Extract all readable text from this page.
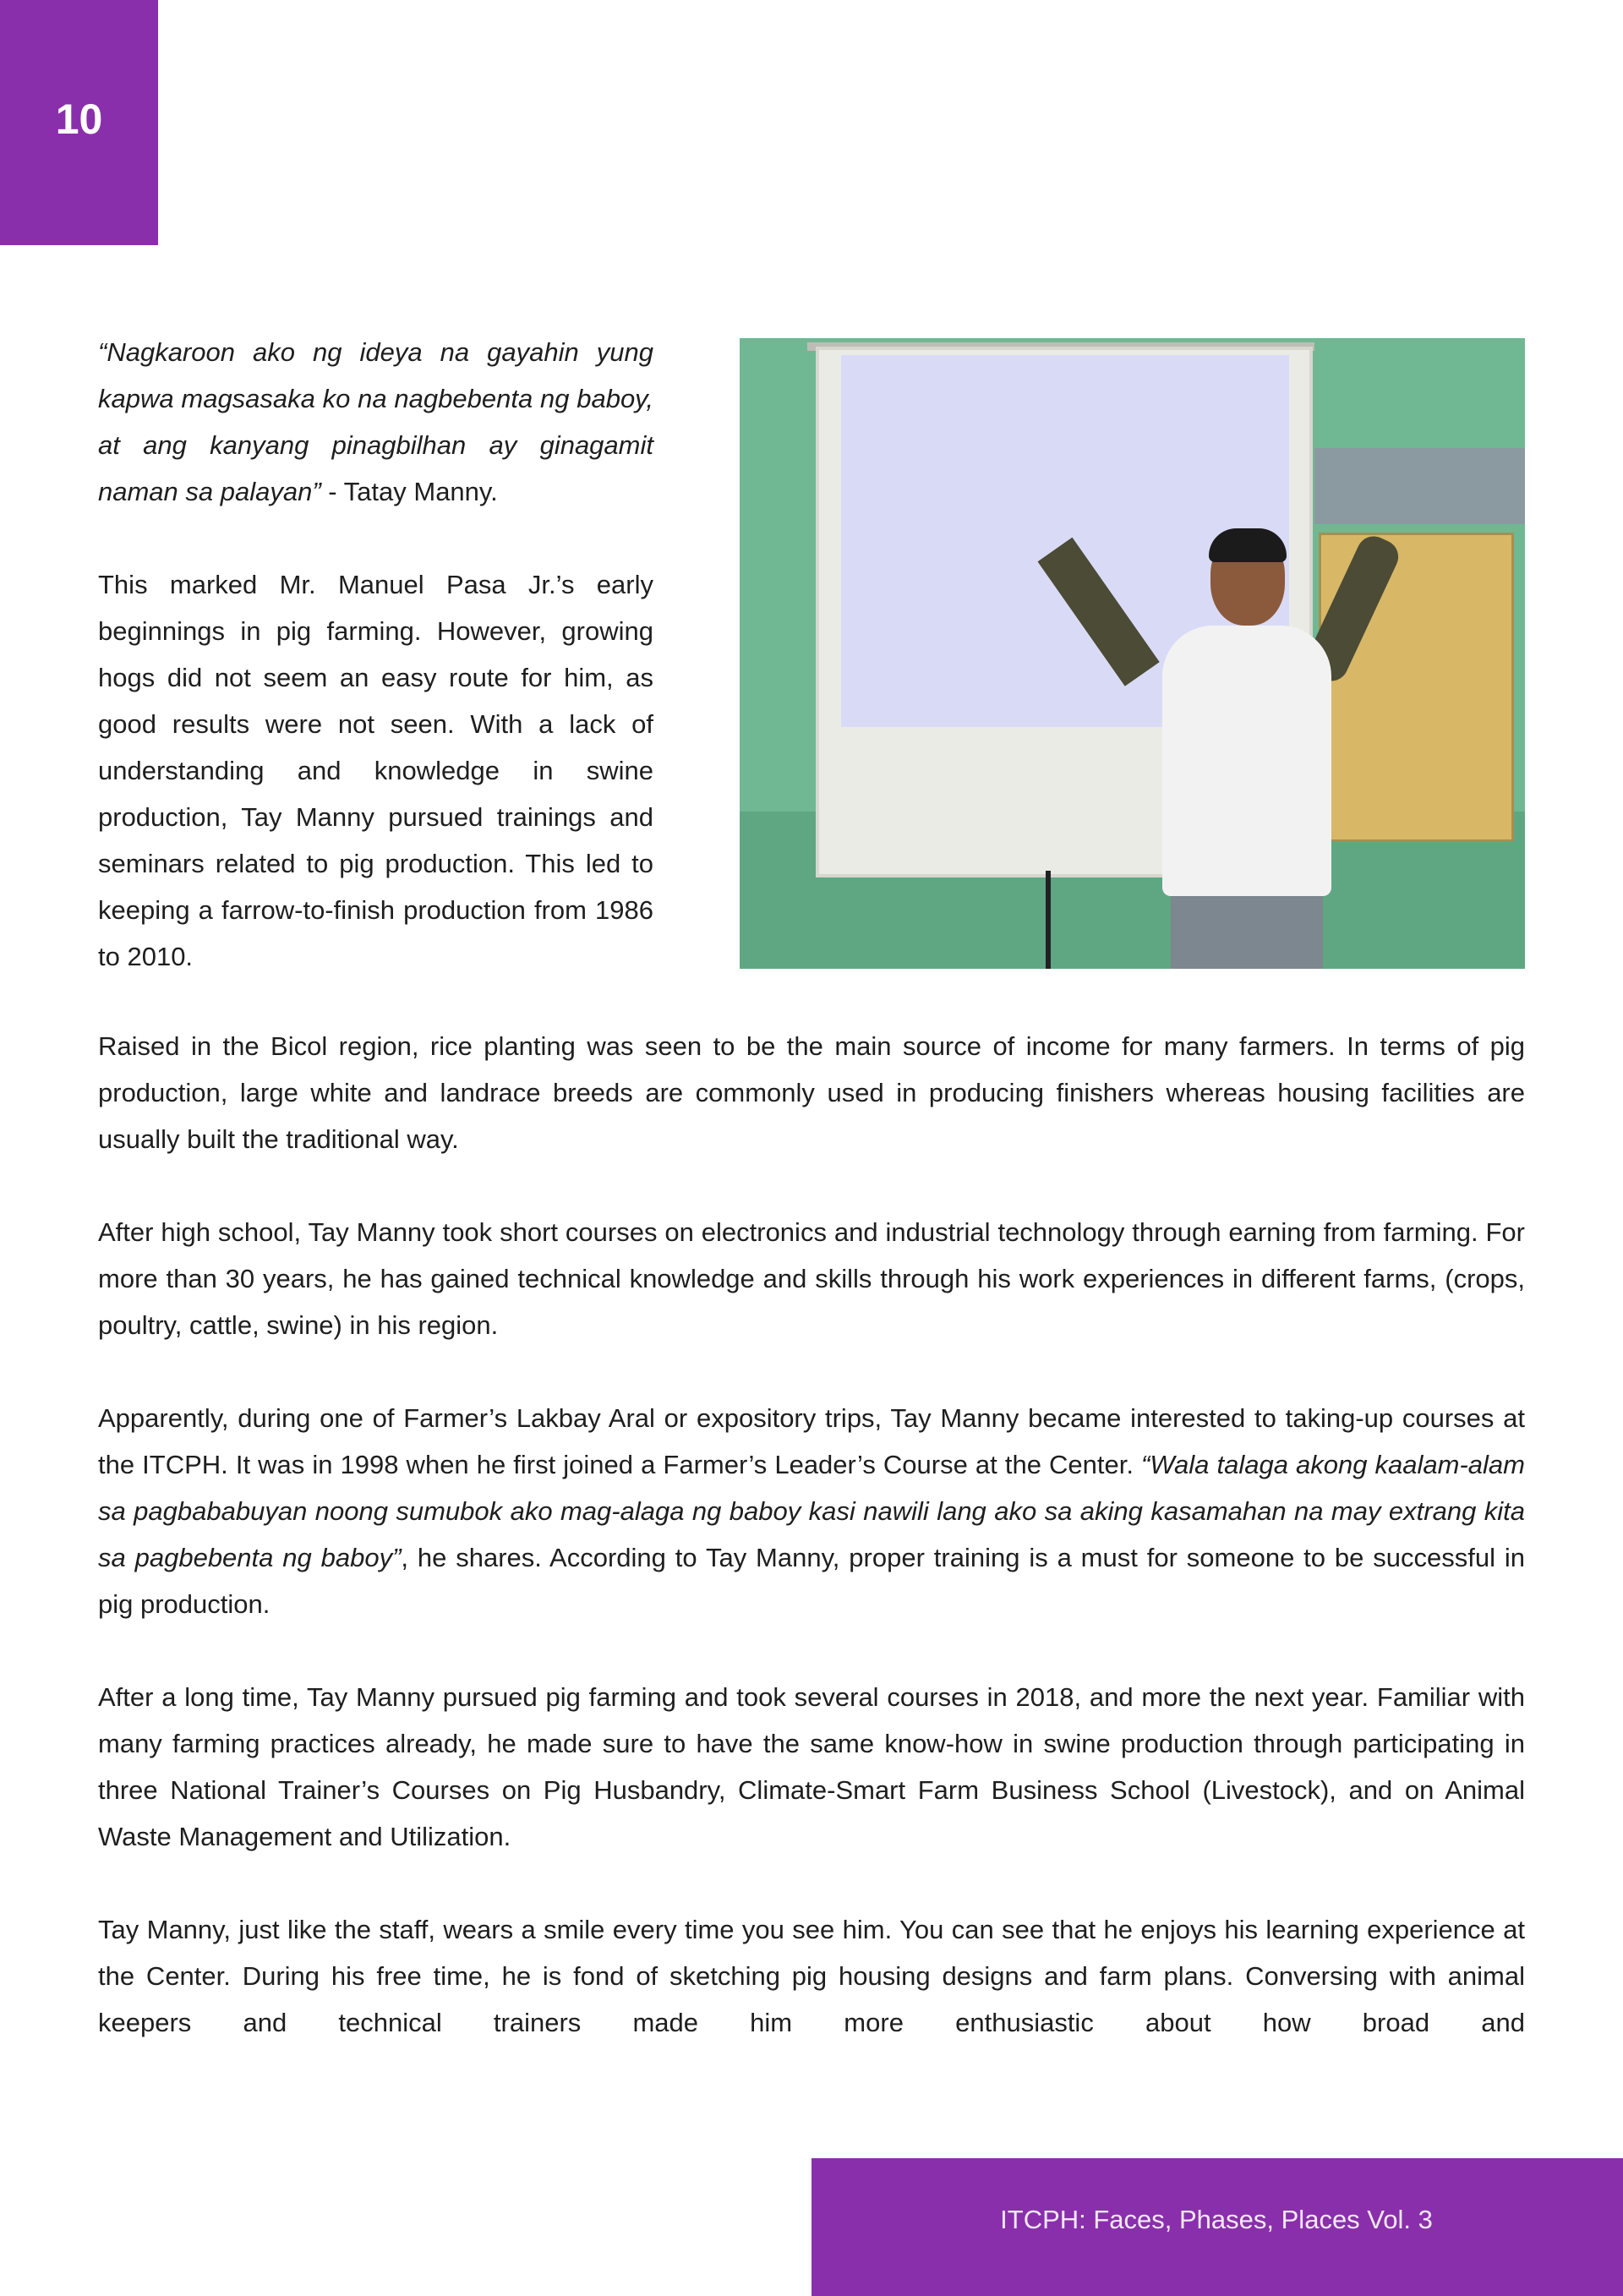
10

“Nagkaroon ako ng ideya na gayahin yung kapwa magsasaka ko na nagbebenta ng baboy, at ang kanyang pinagbilhan ay ginagamit naman sa palayan” - Tatay Manny.

This marked Mr. Manuel Pasa Jr.’s early beginnings in pig farming. However, growing hogs did not seem an easy route for him, as good results were not seen. With a lack of understanding and knowledge in swine production, Tay Manny pursued trainings and seminars related to pig production. This led to keeping a farrow-to-finish production from 1986 to 2010.

Raised in the Bicol region, rice planting was seen to be the main source of income for many farmers. In terms of pig production, large white and landrace breeds are commonly used in producing finishers whereas housing facilities are usually built the traditional way.

After high school, Tay Manny took short courses on electronics and industrial technology through earning from farming. For more than 30 years, he has gained technical knowledge and skills through his work experiences in different farms, (crops, poultry, cattle, swine) in his region.

Apparently, during one of Farmer’s Lakbay Aral or expository trips, Tay Manny became interested to taking-up courses at the ITCPH. It was in 1998 when he first joined a Farmer’s Leader’s Course at the Center. “Wala talaga akong kaalam-alam sa pagbababuyan noong sumubok ako mag-alaga ng baboy kasi nawili lang ako sa aking kasamahan na may extrang kita sa pagbebenta ng baboy”, he shares. According to Tay Manny, proper training is a must for someone to be successful in pig production.

After a long time, Tay Manny pursued pig farming and took several courses in 2018, and more the next year. Familiar with many farming practices already, he made sure to have the same know-how in swine production through participating in three National Trainer’s Courses on Pig Husbandry, Climate-Smart Farm Business School (Livestock), and on Animal Waste Management and Utilization.

Tay Manny, just like the staff, wears a smile every time you see him. You can see that he enjoys his learning experience at the Center. During his free time, he is fond of sketching pig housing designs and farm plans. Conversing with animal keepers and technical trainers made him more enthusiastic about how broad and

ITCPH: Faces, Phases, Places Vol. 3
